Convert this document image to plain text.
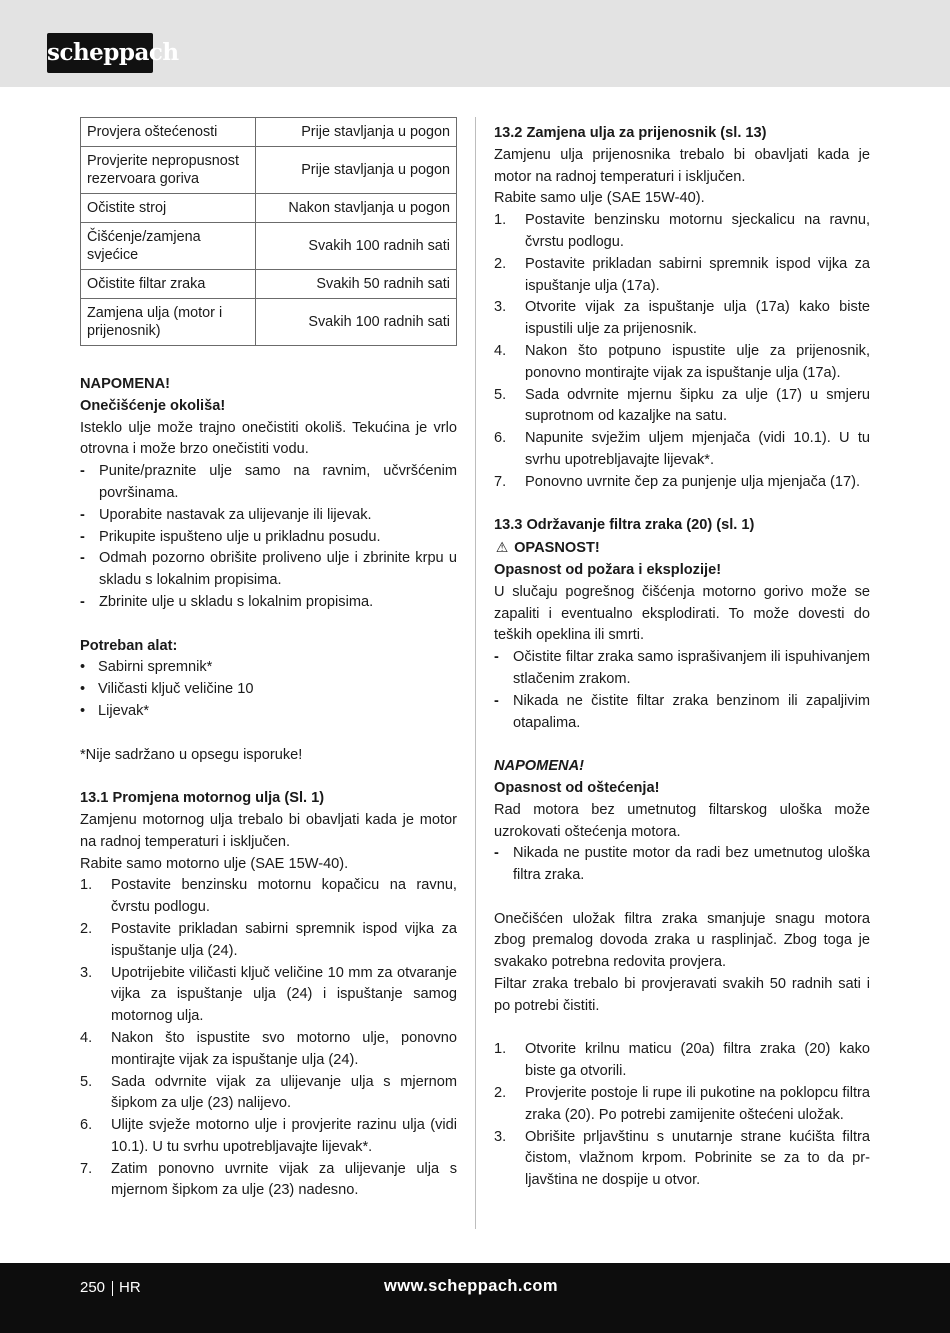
scheppach
Provjera oštećenosti	Prije stavljanja u pogon
Provjerite nepropusnost rezervoara goriva	Prije stavljanja u pogon
Očistite stroj	Nakon stavljanja u pogon
Čišćenje/zamjena svjećice	Svakih 100 radnih sati
Očistite filtar zraka	Svakih 50 radnih sati
Zamjena ulja (motor i prijenosnik)	Svakih 100 radnih sati

NAPOMENA!

Onečišćenje okoliša!

Isteklo ulje može trajno onečistiti okoliš. Tekućina je vrlo otrovna i može brzo onečistiti vodu.

- Punite/praznite ulje samo na ravnim, učvršćenim površinama.
- Uporabite nastavak za ulijevanje ili lijevak.
- Prikupite ispušteno ulje u prikladnu posudu.
- Odmah pozorno obrišite proliveno ulje i zbrinite krpu u skladu s lokalnim propisima.
- Zbrinite ulje u skladu s lokalnim propisima.

Potreban alat:

• Sabirni spremnik*
• Viličasti ključ veličine 10
• Lijevak*

*Nije sadržano u opsegu isporuke!

13.1 Promjena motornog ulja (Sl. 1)

Zamjenu motornog ulja trebalo bi obavljati kada je motor na radnoj temperaturi i isključen.

Rabite samo motorno ulje (SAE 15W-40).

1. Postavite benzinsku motornu kopačicu na ravnu, čvrstu podlogu.
2. Postavite prikladan sabirni spremnik ispod vijka za ispuštanje ulja (24).
3. Upotrijebite viličasti ključ veličine 10 mm za otvaranje vijka za ispuštanje ulja (24) i ispuštanje samog motornog ulja.
4. Nakon što ispustite svo motorno ulje, ponovno montirajte vijak za ispuštanje ulja (24).
5. Sada odvrnite vijak za ulijevanje ulja s mjernom šipkom za ulje (23) nalijevo.
6. Ulijte svježe motorno ulje i provjerite razinu ulja (vidi 10.1). U tu svrhu upotrebljavajte lijevak*.
7. Zatim ponovno uvrnite vijak za ulijevanje ulja s mjernom šipkom za ulje (23) nadesno.

13.2 Zamjena ulja za prijenosnik (sl. 13)

Zamjenu ulja prijenosnika trebalo bi obavljati kada je motor na radnoj temperaturi i isključen.

Rabite samo ulje (SAE 15W-40).

1. Postavite benzinsku motornu sjeckalicu na ravnu, čvrstu podlogu.
2. Postavite prikladan sabirni spremnik ispod vijka za ispuštanje ulja (17a).
3. Otvorite vijak za ispuštanje ulja (17a) kako biste ispustili ulje za prijenosnik.
4. Nakon što potpuno ispustite ulje za prijenosnik, ponovno montirajte vijak za ispuštanje ulja (17a).
5. Sada odvrnite mjernu šipku za ulje (17) u smjeru suprotnom od kazaljke na satu.
6. Napunite svježim uljem mjenjača (vidi 10.1). U tu svrhu upotrebljavajte lijevak*.
7. Ponovno uvrnite čep za punjenje ulja mjenjača (17).

13.3 Održavanje filtra zraka (20) (sl. 1)

⚠ OPASNOST!

Opasnost od požara i eksplozije!

U slučaju pogrešnog čišćenja motorno gorivo može se zapaliti i eventualno eksplodirati. To može dovesti do teških opeklina ili smrti.

- Očistite filtar zraka samo isprašivanjem ili ispuhivanjem stlačenim zrakom.
- Nikada ne čistite filtar zraka benzinom ili zapaljivim otapalima.

NAPOMENA!

Opasnost od oštećenja!

Rad motora bez umetnutog filtarskog uloška može uzrokovati oštećenja motora.

- Nikada ne pustite motor da radi bez umetnutog uloška filtra zraka.

Onečišćen uložak filtra zraka smanjuje snagu motora zbog premalog dovoda zraka u rasplinjač. Zbog toga je svakako potrebna redovita provjera.

Filtar zraka trebalo bi provjeravati svakih 50 radnih sati i po potrebi čistiti.

1. Otvorite krilnu maticu (20a) filtra zraka (20) kako biste ga otvorili.
2. Provjerite postoje li rupe ili pukotine na poklopcu filtra zraka (20). Po potrebi zamijenite oštećeni uložak.
3. Obrišite prljavštinu s unutarnje strane kućišta filtra čistom, vlažnom krpom. Pobrinite se za to da prljavština ne dospije u otvor.
250 HR	www.scheppach.com
